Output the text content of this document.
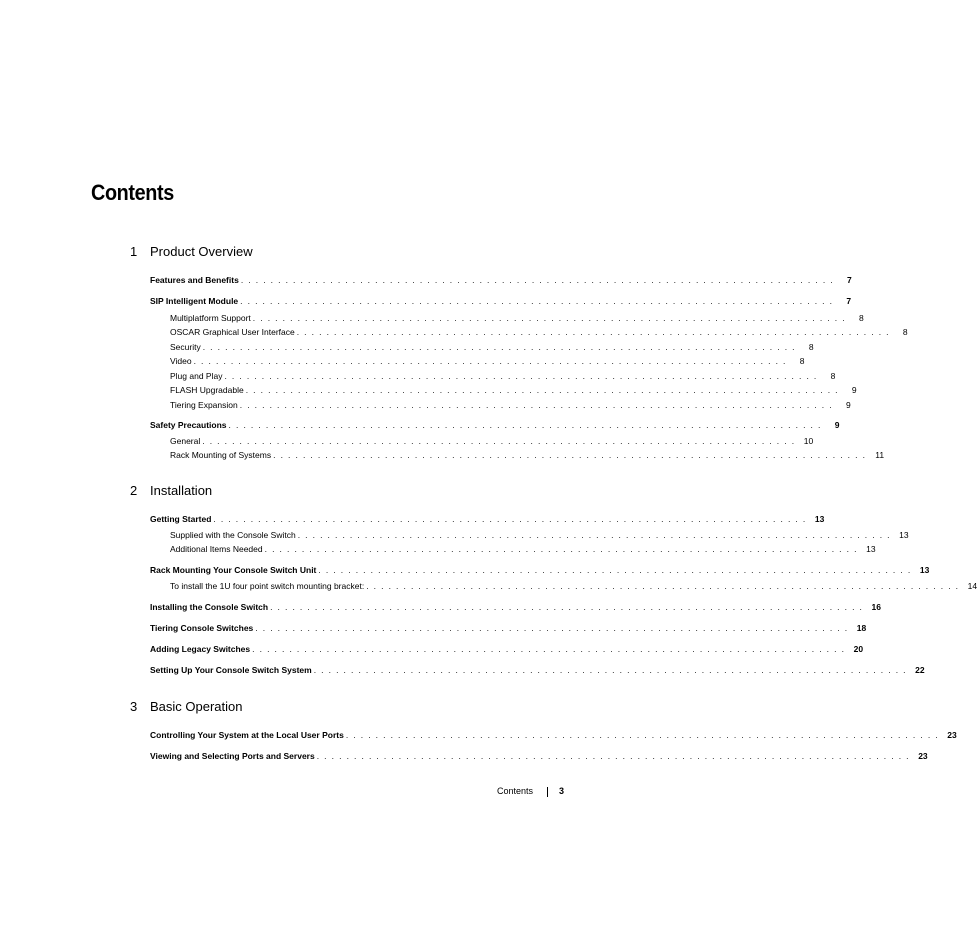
Contents
1 Product Overview
Features and Benefits ................................................................................	7
SIP Intelligent Module ................................................................................	7
Multiplatform Support ................................................................................	8
OSCAR Graphical User Interface ................................................................................	8
Security ................................................................................	8
Video ................................................................................	8
Plug and Play ................................................................................	8
FLASH Upgradable ................................................................................	9
Tiering Expansion ................................................................................	9
Safety Precautions ................................................................................	9
General ................................................................................ 10
Rack Mounting of Systems ................................................................................ 11
2 Installation
Getting Started ................................................................................ 13
Supplied with the Console Switch ................................................................................ 13
Additional Items Needed ................................................................................ 13
Rack Mounting Your Console Switch Unit ................................................................................ 13
To install the 1U four point switch mounting bracket: ................................................................................ 14
Installing the Console Switch ................................................................................ 16
Tiering Console Switches ................................................................................ 18
Adding Legacy Switches ................................................................................ 20
Setting Up Your Console Switch System ................................................................................ 22
3 Basic Operation
Controlling Your System at the Local User Ports ................................................................................ 23
Viewing and Selecting Ports and Servers ................................................................................ 23
Contents	3
